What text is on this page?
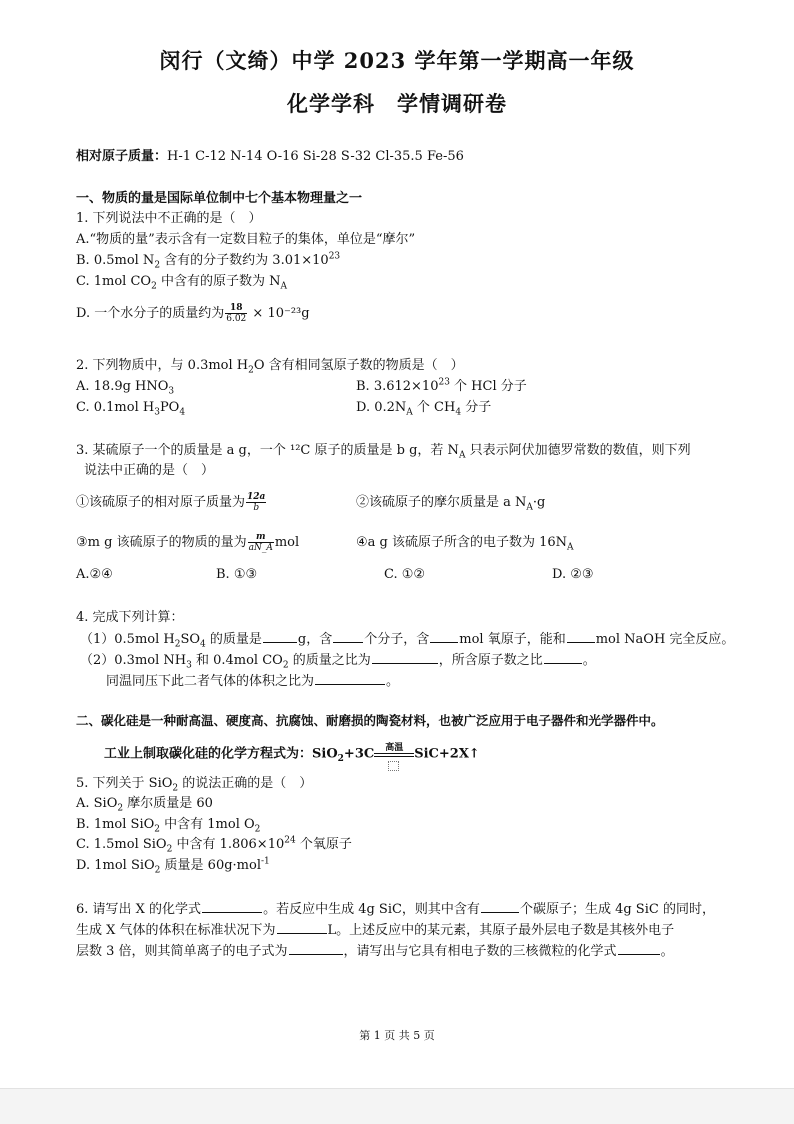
闵行（文绮）中学 2023 学年第一学期高一年级
化学学科　学情调研卷
相对原子质量：H-1 C-12 N-14 O-16 Si-28 S-32 Cl-35.5 Fe-56
一、物质的量是国际单位制中七个基本物理量之一
1. 下列说法中不正确的是（　）
A.“物质的量”表示含有一定数目粒子的集体，单位是“摩尔”
B. 0.5mol $N_2$ 含有的分子数约为 $3.01\times 10^{23}$
C. 1mol $CO_2$ 中含有的原子数为 $N_A$
D. 一个水分子的质量约为 $\frac{18}{6.02} \times 10^{-23}g$
2. 下列物质中，与 0.3mol $H_2O$ 含有相同氢原子数的物质是（　）
A. 18.9g $HNO_3$	B. $3.612\times 10^{23}$ 个 HCl 分子
C. 0.1mol $H_3PO_4$	D. $0.2N_A$ 个 $CH_4$ 分子
3. 某硫原子一个的质量是 a g，一个 ¹²C 原子的质量是 b g，若 $N_A$ 只表示阿伏加德罗常数的数值，则下列
说法中正确的是（　）
①该硫原子的相对原子质量为 $\frac{12a}{b}$	②该硫原子的摩尔质量是 a $N_A\cdot g$
③m g 该硫原子的物质的量为 $\frac{m}{aN\_A}$ mol	④a g 该硫原子所含的电子数为 $16N_A$
A.②④	B. ①③	C. ①②	D. ②③
4. 完成下列计算：
（1）0.5mol $H_2SO_4$ 的质量是	g，含 个分子，含 mol 氧原子，能和 mol NaOH 完全反应。
（2）0.3mol $NH_3$ 和 0.4mol $CO_2$ 的质量之比为	，所含原子数之比	。
同温同压下此二者气体的体积之比为	。
二、碳化硅是一种耐高温、硬度高、抗腐蚀、耐磨损的陶瓷材料，也被广泛应用于电子器件和光学器件中。
工业上制取碳化硅的化学方程式为：SiO$_2$+3C	高温 SiC+2X↑
5. 下列关于 SiO$_2$ 的说法正确的是（　）
A. SiO$_2$ 摩尔质量是 60
B. 1mol SiO$_2$ 中含有 1mol $O_2$
C. 1.5mol SiO$_2$ 中含有 $1.806\times 10^{24}$ 个氧原子
D. 1mol SiO$_2$ 质量是 60g·mol$^{-1}$
6. 请写出 X 的化学式	。若反应中生成 4g SiC，则其中含有	个碳原子；生成 4g SiC 的同时，
生成 X 气体的体积在标准状况下为	L。上述反应中的某元素，其原子最外层电子数是其核外电子
层数 3 倍，则其简单离子的电子式为	，请写出与它具有相电子数的三核微粒的化学式	。
第 1 页 共 5 页
